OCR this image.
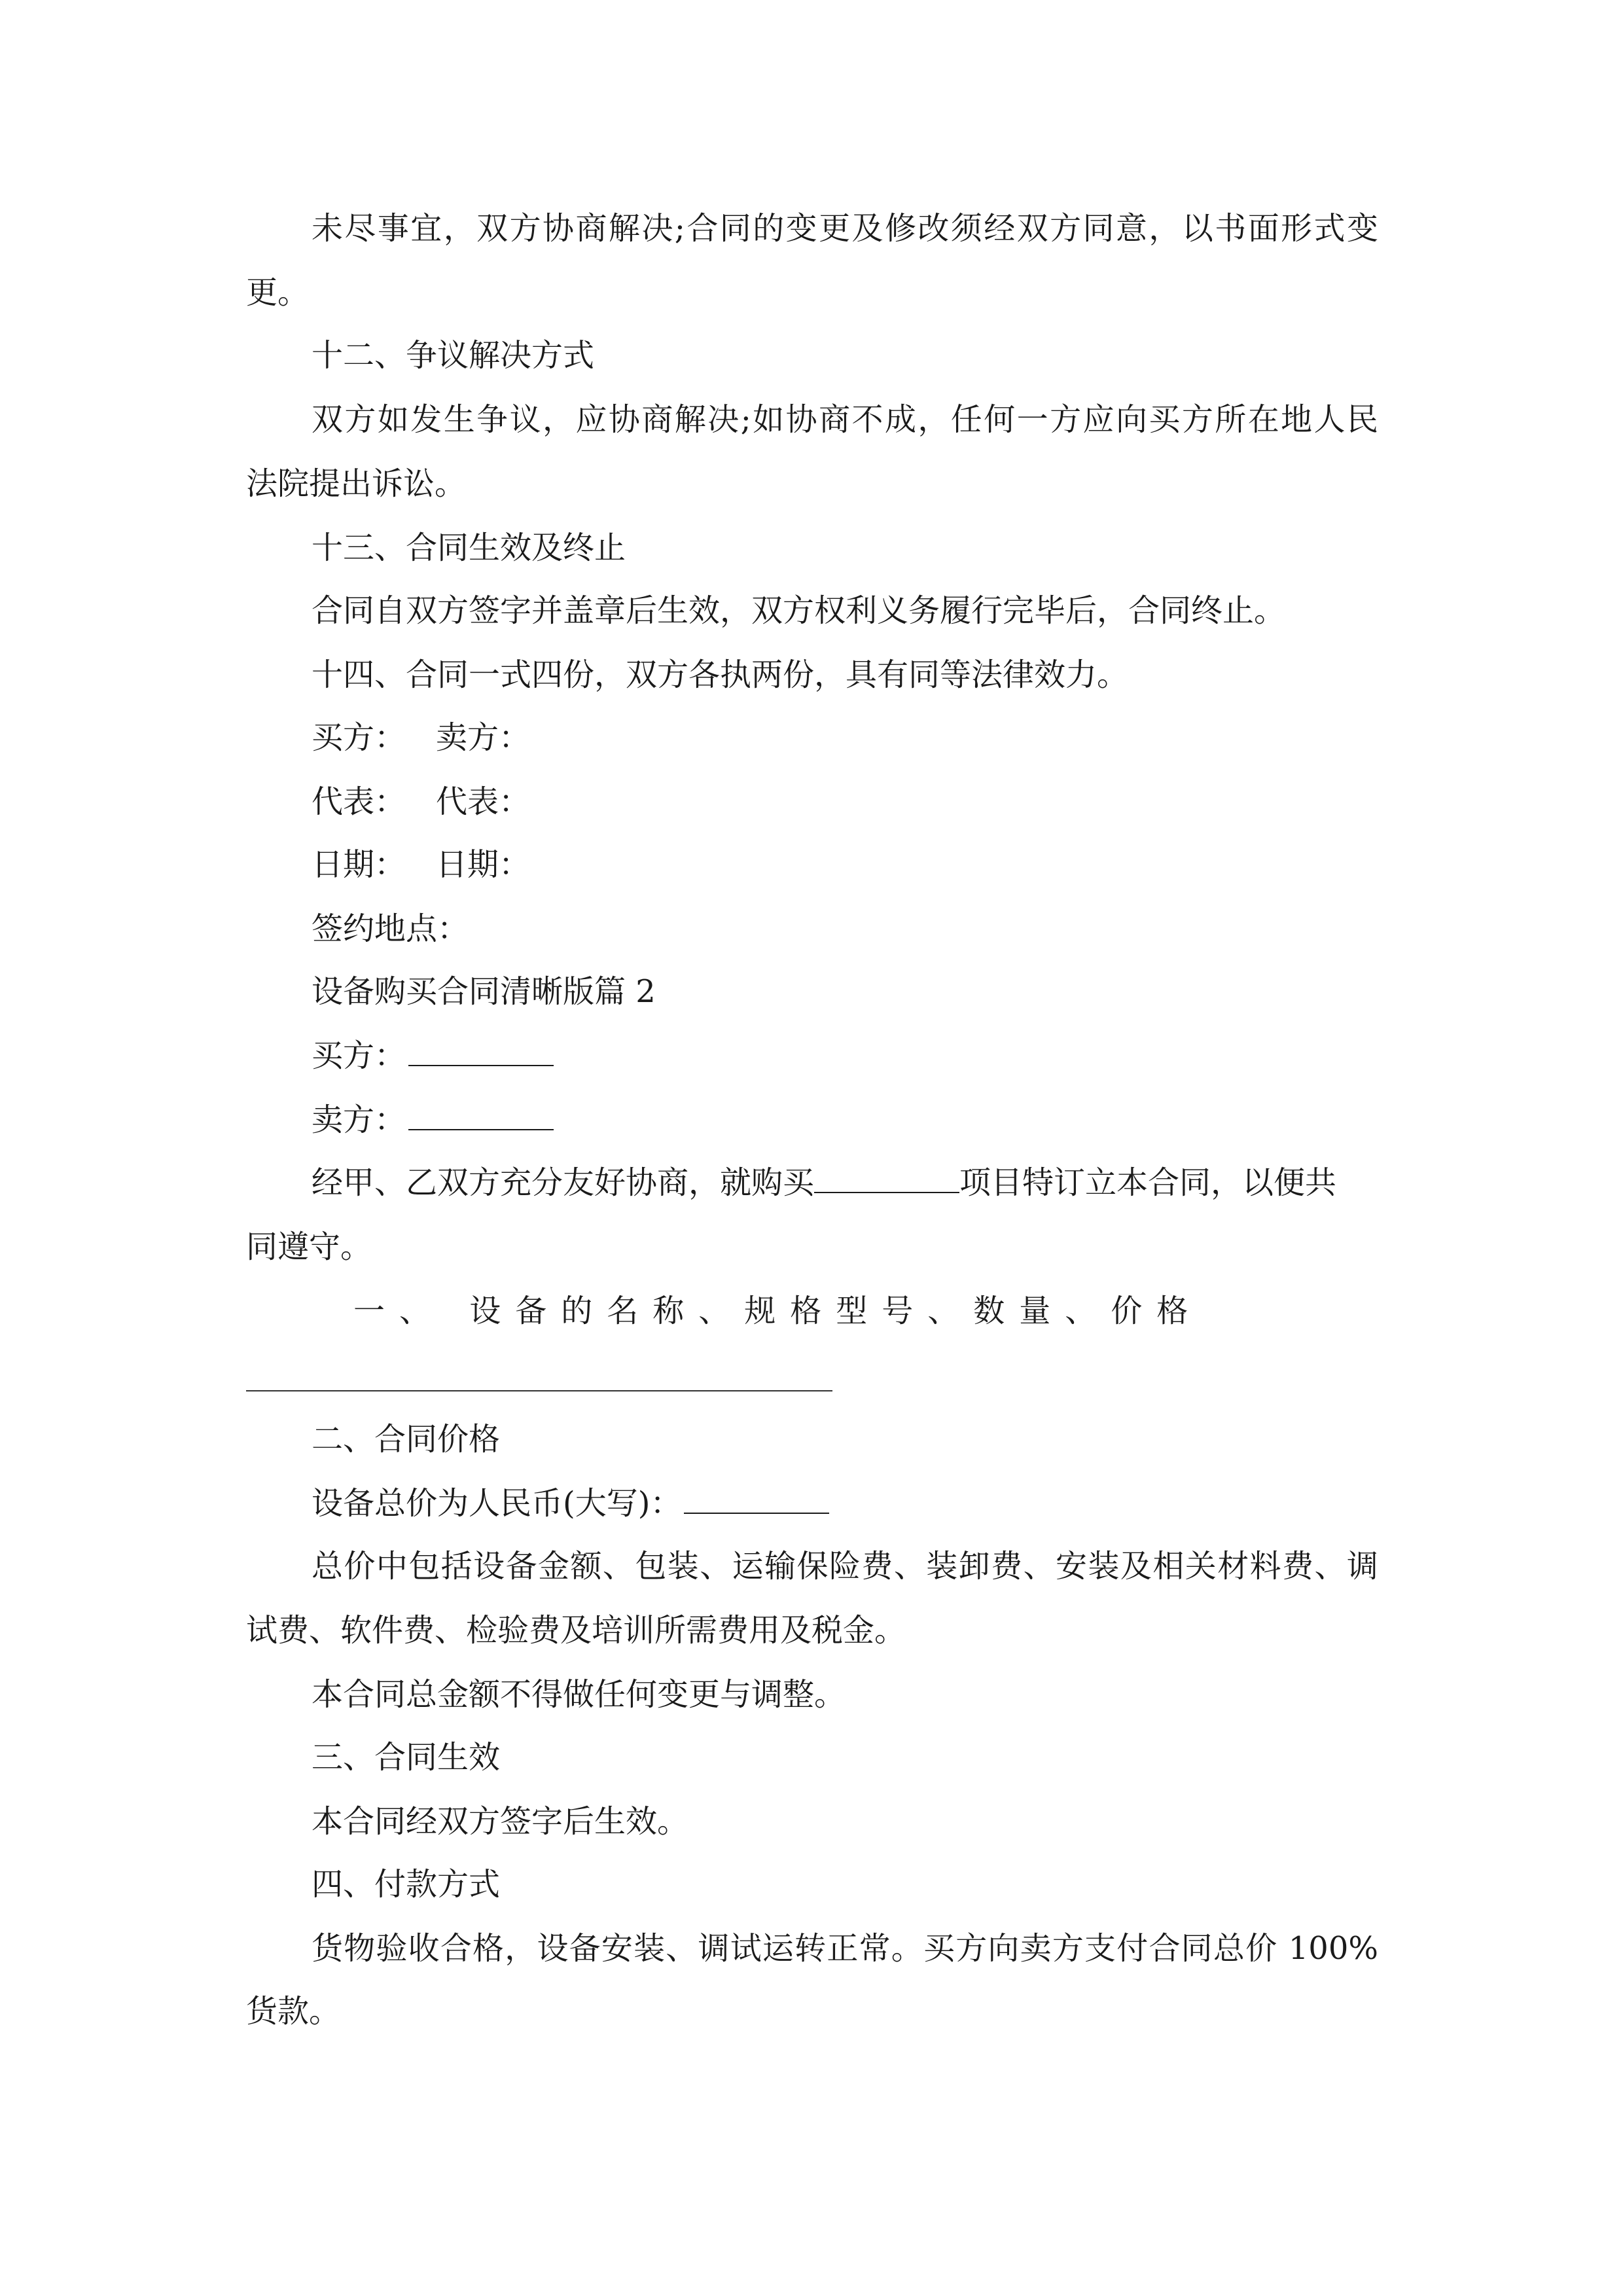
未尽事宜，双方协商解决;合同的变更及修改须经双方同意，以书面形式变
更。
十二、争议解决方式
双方如发生争议，应协商解决;如协商不成，任何一方应向买方所在地人民
法院提出诉讼。
十三、合同生效及终止
合同自双方签字并盖章后生效，双方权利义务履行完毕后，合同终止。
十四、合同一式四份，双方各执两份，具有同等法律效力。
买方： 卖方：
代表： 代表：
日期： 日期：
签约地点：
设备购买合同清晰版篇 2
买方：
卖方：
经甲、乙双方充分友好协商，就购买	项目特订立本合同，以便共
同遵守。
一、 设备的名称、规格型号、数量、价格
二、合同价格
设备总价为人民币(大写)：
总价中包括设备金额、包装、运输保险费、装卸费、安装及相关材料费、调
试费、软件费、检验费及培训所需费用及税金。
本合同总金额不得做任何变更与调整。
三、合同生效
本合同经双方签字后生效。
四、付款方式
货物验收合格，设备安装、调试运转正常。买方向卖方支付合同总价 100%
货款。
